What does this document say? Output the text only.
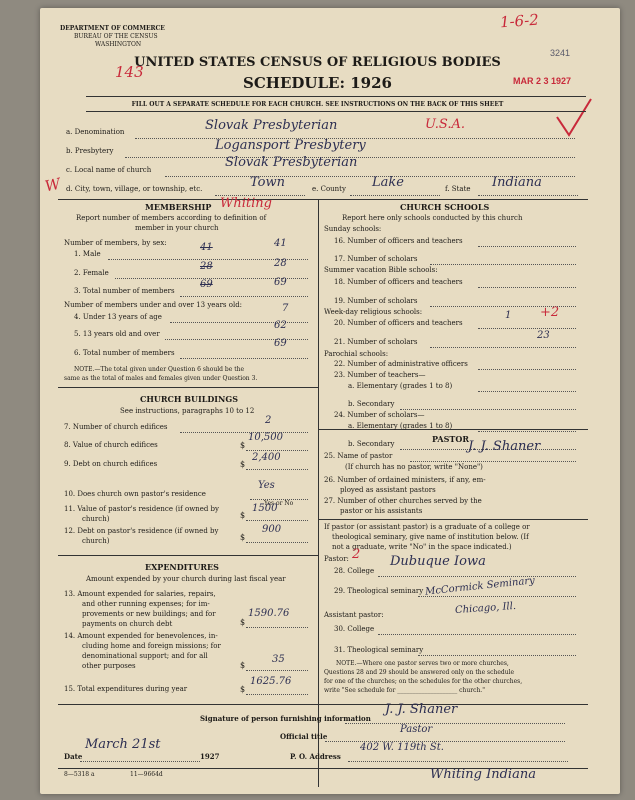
1-6-2
3241
MAR 2 3 1927
143
DEPARTMENT OF COMMERCE
BUREAU OF THE CENSUS
WASHINGTON
UNITED STATES CENSUS OF RELIGIOUS BODIES
SCHEDULE: 1926
FILL OUT A SEPARATE SCHEDULE FOR EACH CHURCH. SEE INSTRUCTIONS ON THE BACK OF THIS SHEET
a. Denomination	Slovak Presbyterian	U.S.A.
b. Presbytery	Logansport Presbytery
c. Local name of church	Slovak Presbyterian
d. City, town, village, or township, etc.	Town	e. County Lake	f. State Indiana
W
MEMBERSHIP Whiting
Report number of members according to definition of
member in your church
Number of members, by sex:
1. Male
41	41
2. Female
28	28
3. Total number of members
69	69
Number of members under and over 13 years old:
4. Under 13 years of age
7
5. 13 years old and over
62
6. Total number of members
69
NOTE.—The total given under Question 6 should be the
same as the total of males and females given under Question 3.
CHURCH BUILDINGS
See instructions, paragraphs 10 to 12
7. Number of church edifices
2
8. Value of church edifices	$
10,500
9. Debt on church edifices	$
2,400
10. Does church own pastor's residence
Yes
Yes or No
11. Value of pastor's residence (if owned by
church)	$
1500
12. Debt on pastor's residence (if owned by
church)	$
900
EXPENDITURES
Amount expended by your church during last fiscal year
13. Amount expended for salaries, repairs,
and other running expenses; for im-
provements or new buildings; and for
payments on church debt	$
1590.76
14. Amount expended for benevolences, in-
cluding home and foreign missions; for
denominational support; and for all
other purposes	$
35
15. Total expenditures during year	$
1625.76
CHURCH SCHOOLS
Report here only schools conducted by this church
Sunday schools:
16. Number of officers and teachers
17. Number of scholars
Summer vacation Bible schools:
18. Number of officers and teachers
19. Number of scholars
Week-day religious schools:
20. Number of officers and teachers
1 +2
21. Number of scholars
23
Parochial schools:
22. Number of administrative officers
23. Number of teachers—
a. Elementary (grades 1 to 8)
b. Secondary
24. Number of scholars—
a. Elementary (grades 1 to 8)
b. Secondary	PASTOR
25. Name of pastor
J. J. Shaner
(If church has no pastor, write "None")
26. Number of ordained ministers, if any, em-
ployed as assistant pastors
27. Number of other churches served by the
pastor or his assistants
If pastor (or assistant pastor) is a graduate of a college or
theological seminary, give name of institution below. (If
not a graduate, write "No" in the space indicated.)
Pastor: 2
28. College
Dubuque Iowa
29. Theological seminary McCormick Seminary
Chicago, Ill.
Assistant pastor:
30. College
31. Theological seminary
NOTE.—Where one pastor serves two or more churches,
Questions 28 and 29 should be answered only on the schedule
for one of the churches; on the schedules for the other churches,
write "See schedule for ____________________ church."
Signature of person furnishing information
J. J. Shaner
Official title
Pastor
Date
March 21st
1927	P. O. Address
402 W. 119th St.
Whiting Indiana
8—5318 a	11—9664d
